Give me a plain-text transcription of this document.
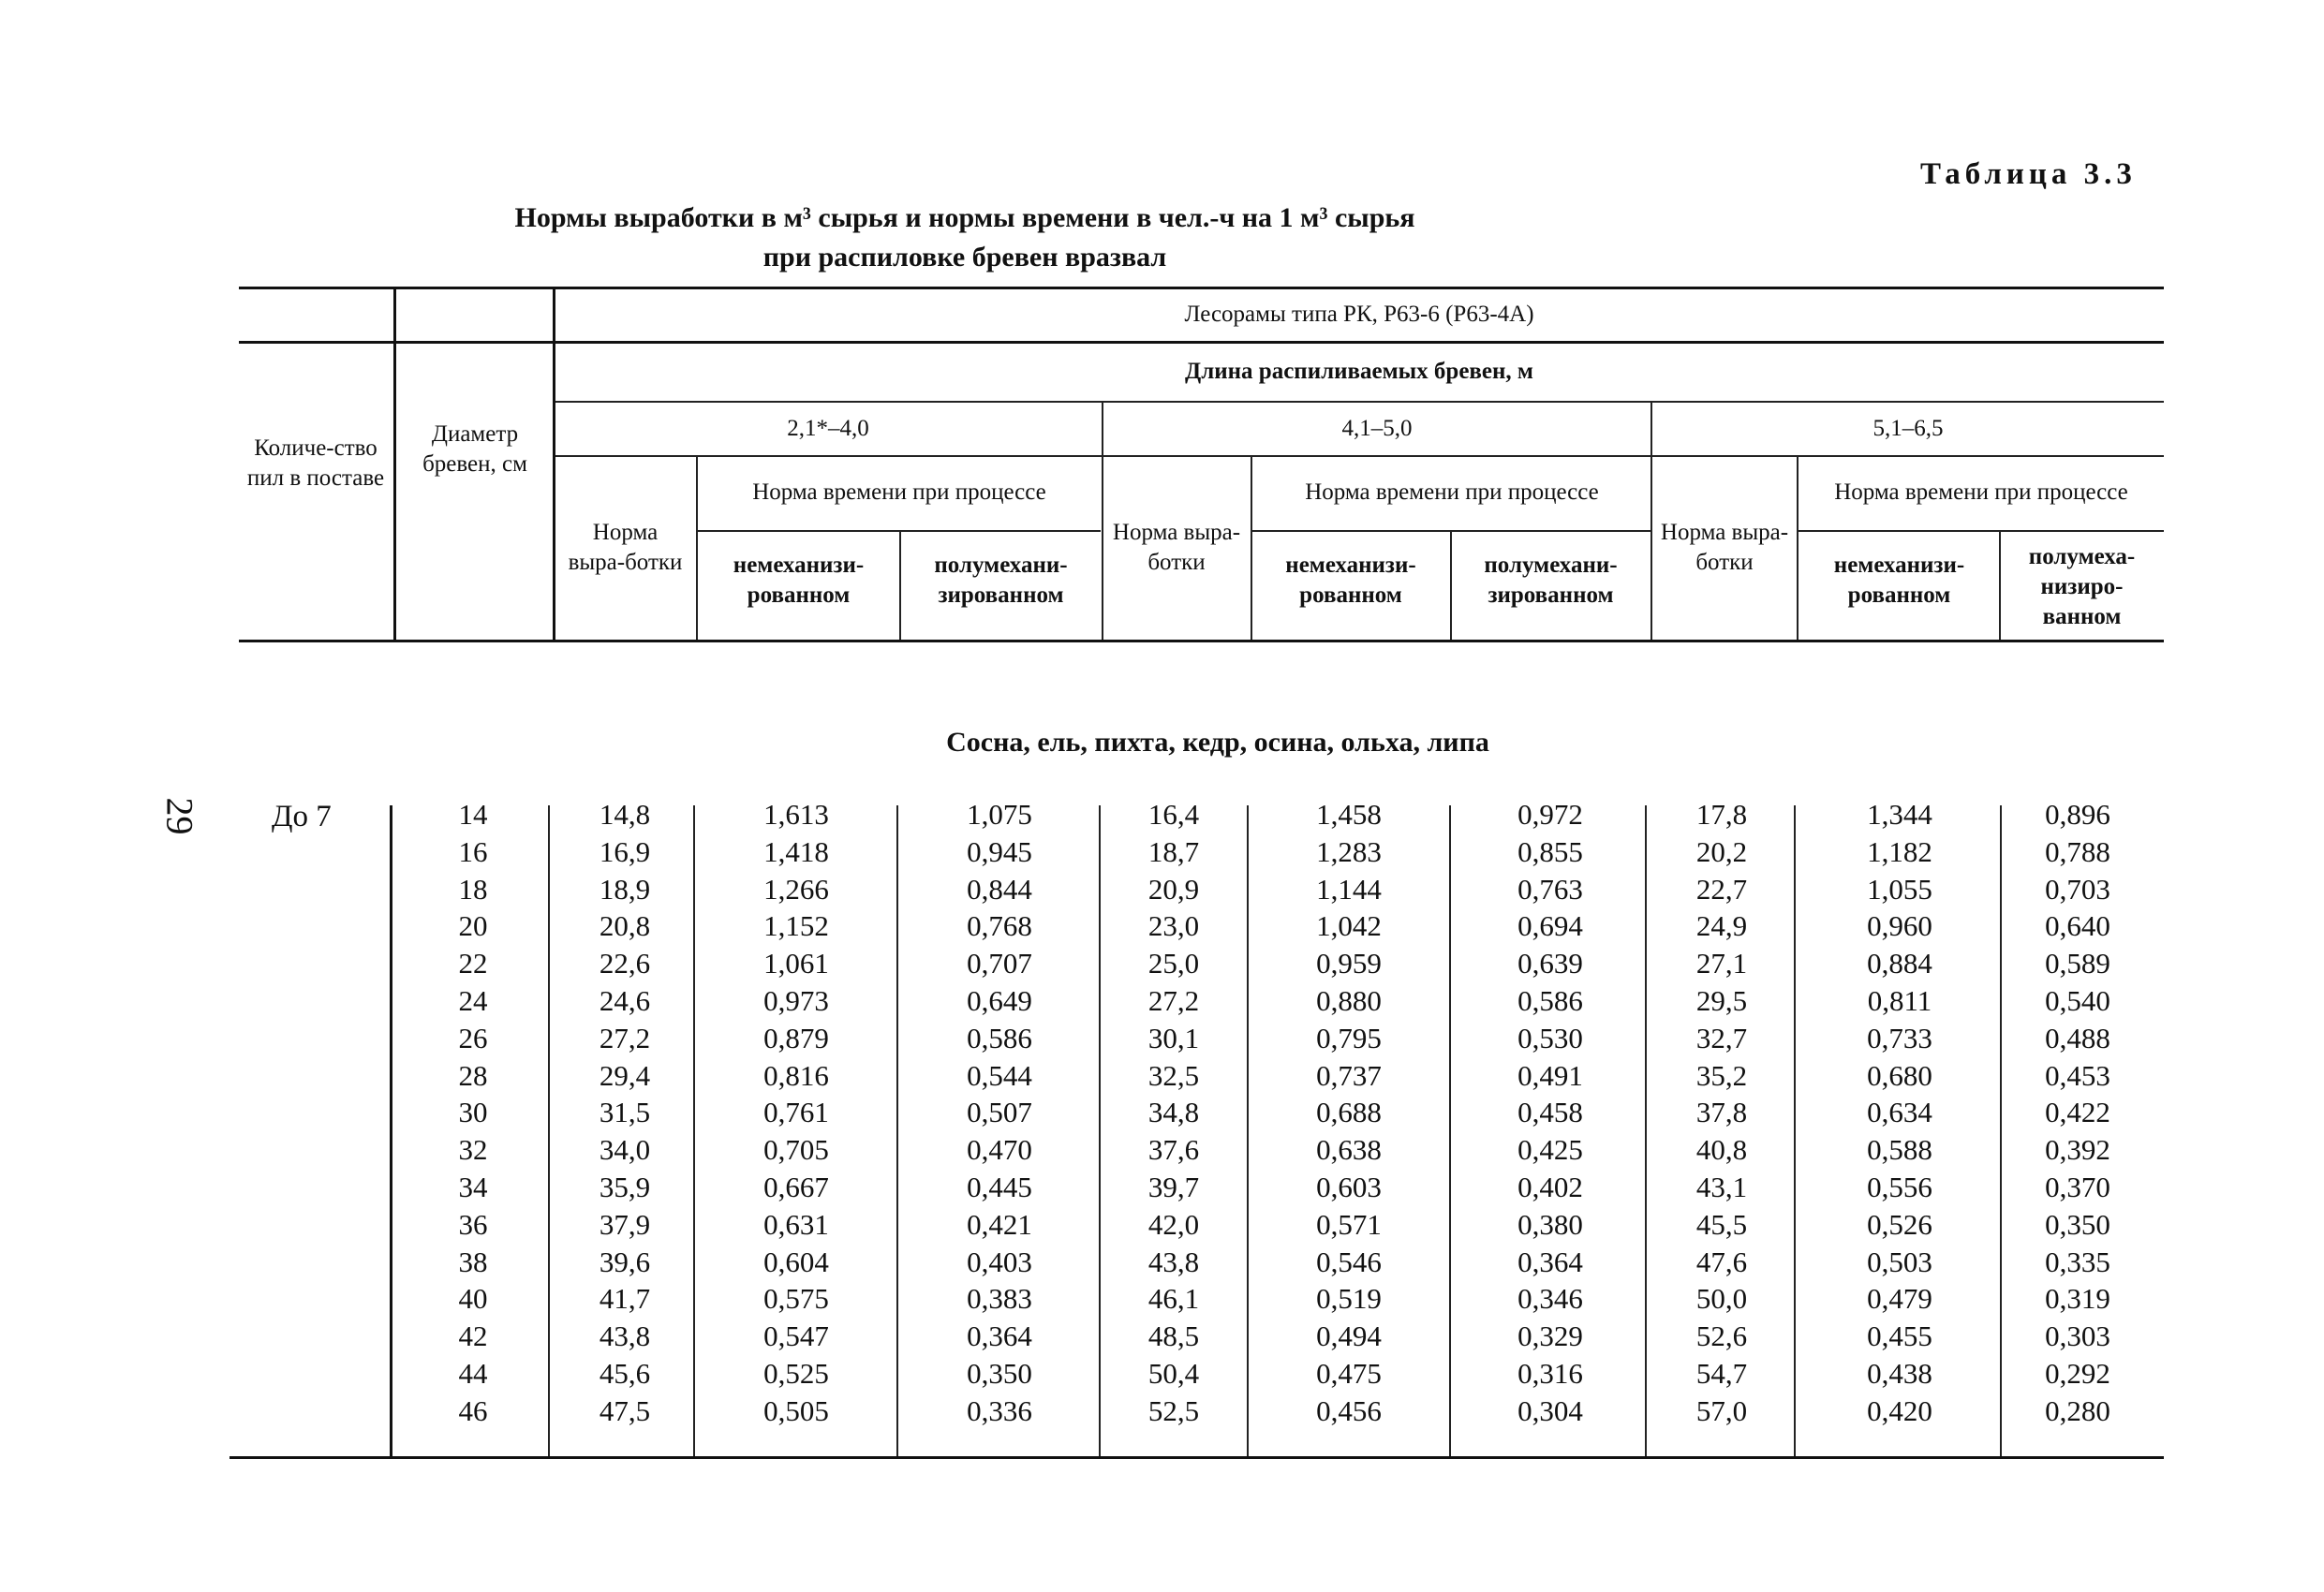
29
Таблица 3.3
Нормы выработки в м³ сырья и нормы времени в чел.-ч на 1 м³ сырья
при распиловке бревен вразвал
Лесорамы типа РК, Р63-6 (Р63-4А)
Длина распиливаемых бревен, м
Количе-ство пил в поставе
Диаметр бревен, см
2,1*–4,0	4,1–5,0	5,1–6,5
Норма выра-ботки
Норма выра-ботки
Норма выра-ботки
Норма времени при процессе	Норма времени при процессе	Норма времени при процессе
немеханизи-рованном
полумехани-зированном
немеханизи-рованном
полумехани-зированном
немеханизи-рованном
полумеха-низиро-ванном
Сосна, ель, пихта, кедр, осина, ольха, липа
До 7	14	14,8	1,613	1,075	16,4	1,458	0,972	17,8	1,344	0,896
16	16,9	1,418	0,945	18,7	1,283	0,855	20,2	1,182	0,788
18	18,9	1,266	0,844	20,9	1,144	0,763	22,7	1,055	0,703
20	20,8	1,152	0,768	23,0	1,042	0,694	24,9	0,960	0,640
22	22,6	1,061	0,707	25,0	0,959	0,639	27,1	0,884	0,589
24	24,6	0,973	0,649	27,2	0,880	0,586	29,5	0,811	0,540
26	27,2	0,879	0,586	30,1	0,795	0,530	32,7	0,733	0,488
28	29,4	0,816	0,544	32,5	0,737	0,491	35,2	0,680	0,453
30	31,5	0,761	0,507	34,8	0,688	0,458	37,8	0,634	0,422
32	34,0	0,705	0,470	37,6	0,638	0,425	40,8	0,588	0,392
34	35,9	0,667	0,445	39,7	0,603	0,402	43,1	0,556	0,370
36	37,9	0,631	0,421	42,0	0,571	0,380	45,5	0,526	0,350
38	39,6	0,604	0,403	43,8	0,546	0,364	47,6	0,503	0,335
40	41,7	0,575	0,383	46,1	0,519	0,346	50,0	0,479	0,319
42	43,8	0,547	0,364	48,5	0,494	0,329	52,6	0,455	0,303
44	45,6	0,525	0,350	50,4	0,475	0,316	54,7	0,438	0,292
46	47,5	0,505	0,336	52,5	0,456	0,304	57,0	0,420	0,280
